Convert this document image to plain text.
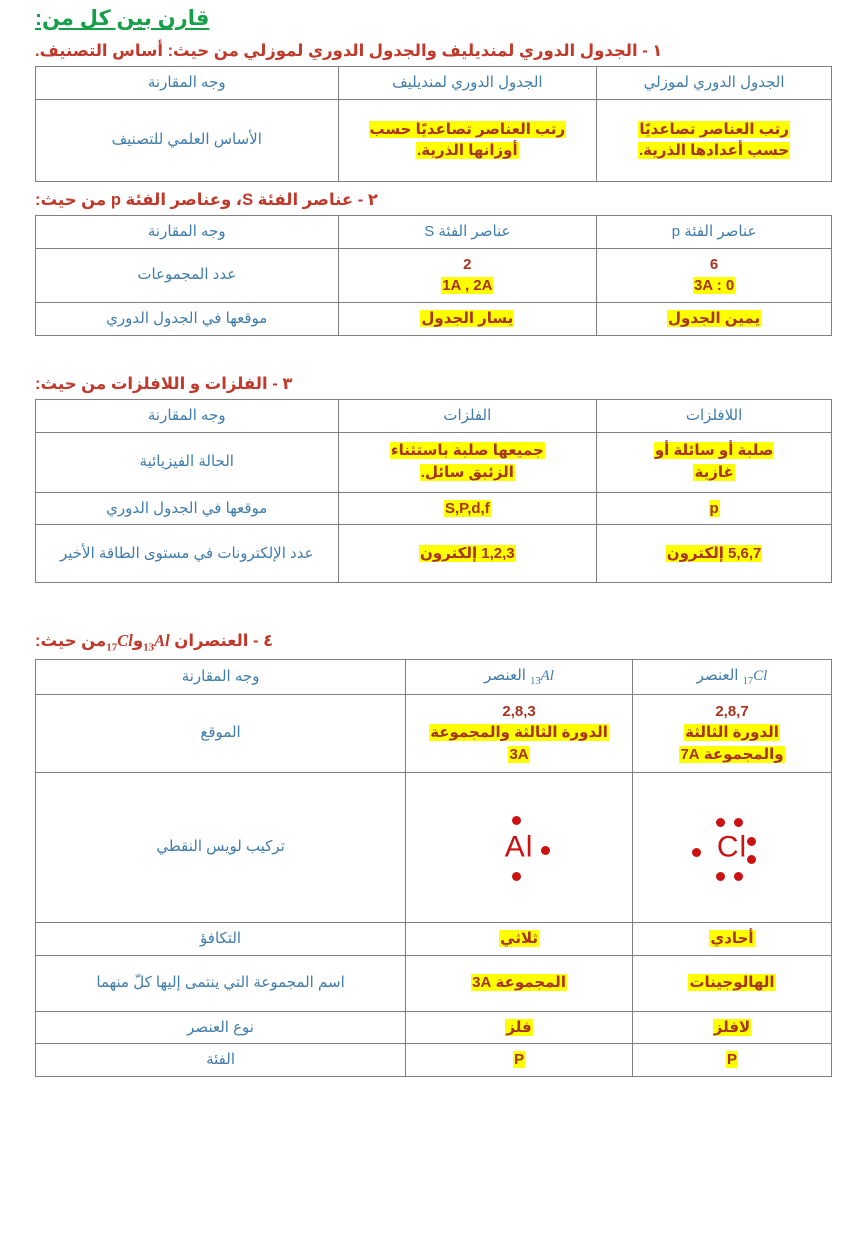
قارن بين كل من:
١ - الجدول الدوري لمنديليف والجدول الدوري لموزلي من حيث: أساس التصنيف.
الجدول الدوري لموزلي	الجدول الدوري لمنديليف	وجه المقارنة

رتب العناصر تصاعديًا
حسب أعدادها الذرية.	رتب العناصر تصاعديًا حسب
أوزانها الذرية.	الأساس العلمي للتصنيف
٢ - عناصر الفئة S، وعناصر الفئة p من حيث:
عناصر الفئة p	عناصر الفئة S	وجه المقارنة

6
3A : 0	2
1A , 2A	عدد المجموعات
يمين الجدول	يسار الجدول	موقعها في الجدول الدوري
٣ - الفلزات و اللافلزات من حيث:
اللافلزات	الفلزات	وجه المقارنة

صلبة أو سائلة أو
غازية	جميعها صلبة باستثناء
الزئبق سائل.	الحالة الفيزيائية
p	S,P,d,f	موقعها في الجدول الدوري
5,6,7 إلكترون	1,2,3 إلكترون	عدد الإلكترونات في مستوى الطاقة الأخير
٤ - العنصران $_{13}$Alو$_{17}$Clمن حيث:
$_{17}$Cl العنصر	$_{13}$Al العنصر	وجه المقارنة

2,8,7
الدورة الثالثة
والمجموعة 7A	2,8,3
الدورة الثالثة والمجموعة
3A	الموقع

Cl	Al	تركيب لويس النقطي
أحادي	ثلاثي	التكافؤ
الهالوجينات	المجموعة 3A	اسم المجموعة التي ينتمى إليها كلّ منهما
لافلز	فلز	نوع العنصر
P	P	الفئة
